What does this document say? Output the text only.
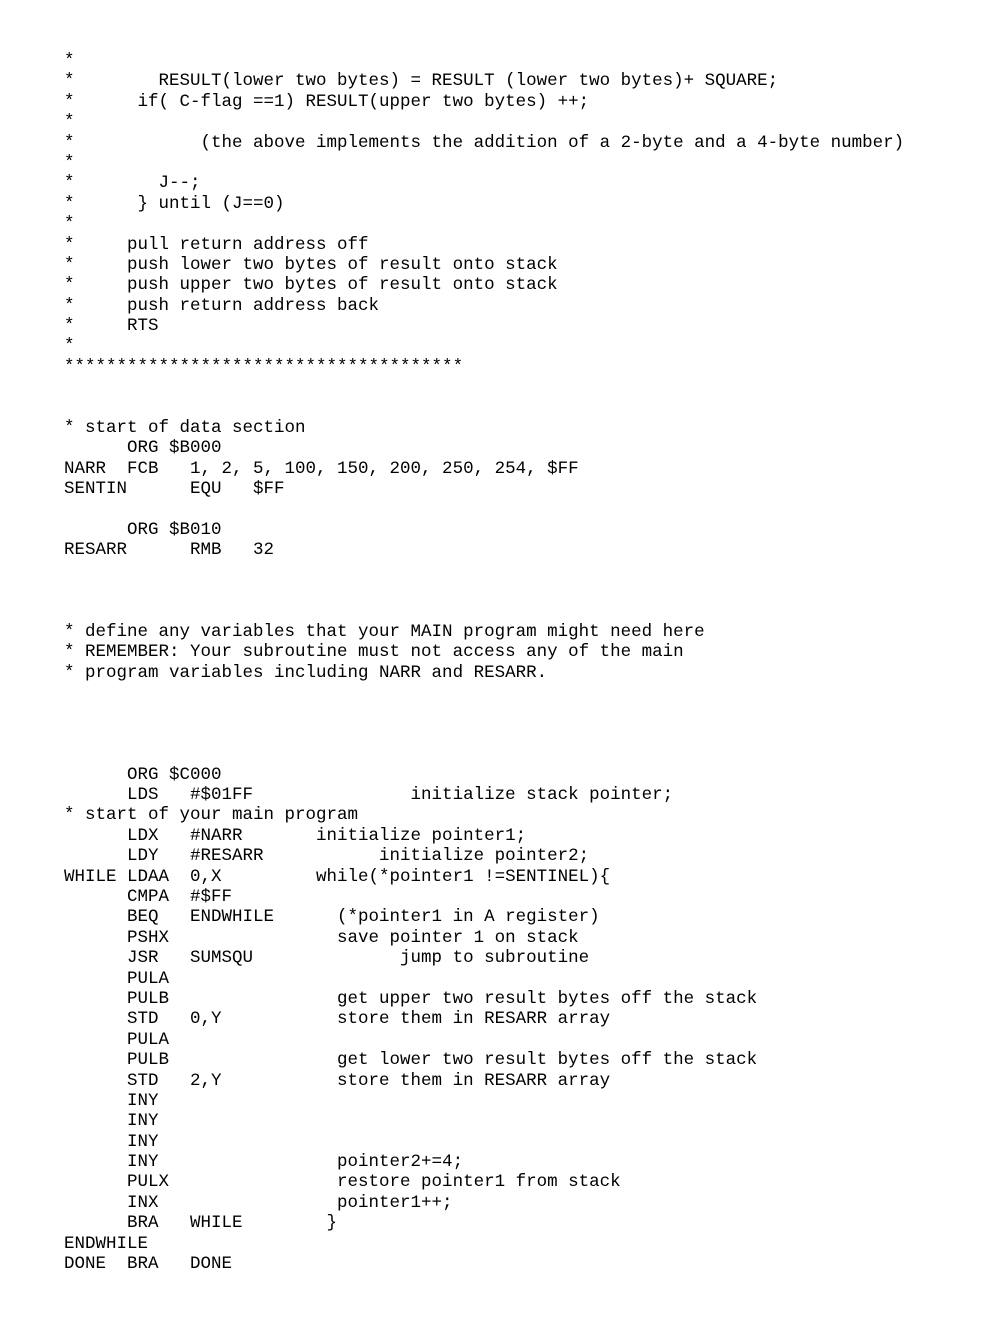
*
*        RESULT(lower two bytes) = RESULT (lower two bytes)+ SQUARE;
*      if( C-flag ==1) RESULT(upper two bytes) ++;
*
*            (the above implements the addition of a 2-byte and a 4-byte number)
*
*        J--;
*      } until (J==0)
*
*     pull return address off
*     push lower two bytes of result onto stack
*     push upper two bytes of result onto stack
*     push return address back
*     RTS
*
**************************************

* start of data section
ORG $B000
NARR  FCB   1, 2, 5, 100, 150, 200, 250, 254, $FF
SENTIN      EQU   $FF

ORG $B010
RESARR      RMB   32

* define any variables that your MAIN program might need here
* REMEMBER: Your subroutine must not access any of the main
* program variables including NARR and RESARR.

ORG $C000
LDS   #$01FF               initialize stack pointer;
* start of your main program
LDX   #NARR       initialize pointer1;
LDY   #RESARR           initialize pointer2;
WHILE LDAA  0,X         while(*pointer1 !=SENTINEL){
CMPA  #$FF
BEQ   ENDWHILE      (*pointer1 in A register)
PSHX                save pointer 1 on stack
JSR   SUMSQU              jump to subroutine
PULA
PULB                get upper two result bytes off the stack
STD   0,Y           store them in RESARR array
PULA
PULB                get lower two result bytes off the stack
STD   2,Y           store them in RESARR array
INY
INY
INY
INY                 pointer2+=4;
PULX                restore pointer1 from stack
INX                 pointer1++;
BRA   WHILE        }
ENDWHILE
DONE  BRA   DONE
